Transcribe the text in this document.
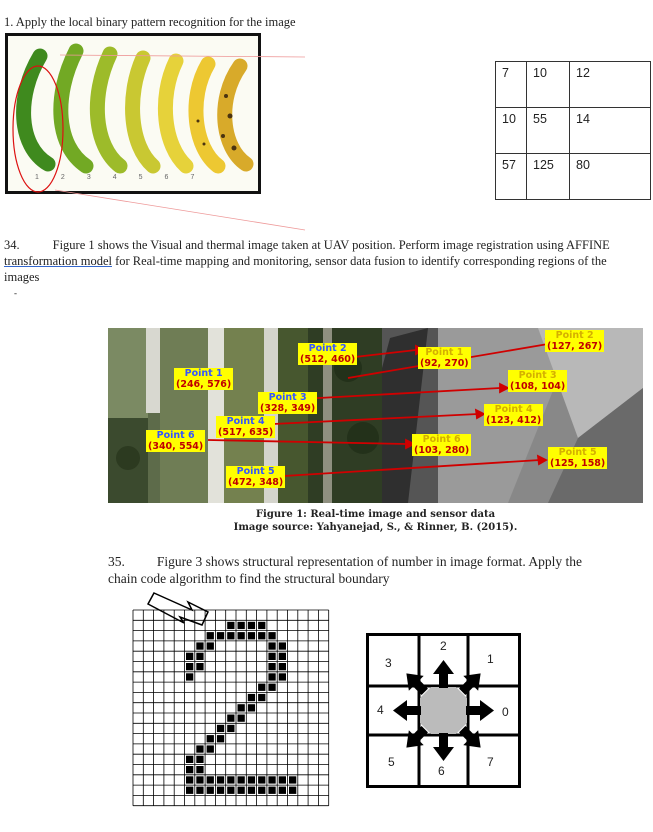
1. Apply the local binary pattern recognition for the image
1	2	3	4	5	6	7
7	10	12
10	55	14
57	125	80
34.	Figure 1 shows the Visual and thermal image taken at UAV position. Perform image registration using AFFINE
transformation model for Real-time mapping and monitoring, sensor data fusion to identify corresponding regions of the
images
-
Point 2
(512, 460)
Point 1
(246, 576)
Point 3
(328, 349)
Point 4
(517, 635)
Point 6
(340, 554)
Point 5
(472, 348)
Point 1
(92, 270)
Point 2
(127, 267)
Point 3
(108, 104)
Point 4
(123, 412)
Point 6
(103, 280)	Point 5
(125, 158)
Figure 1: Real-time image and sensor data
Image source: Yahyanejad, S., & Rinner, B. (2015).
35. Figure 3 shows structural representation of number in image format. Apply the
chain code algorithm to find the structural boundary
0
1
2
3
4
5
6
7
